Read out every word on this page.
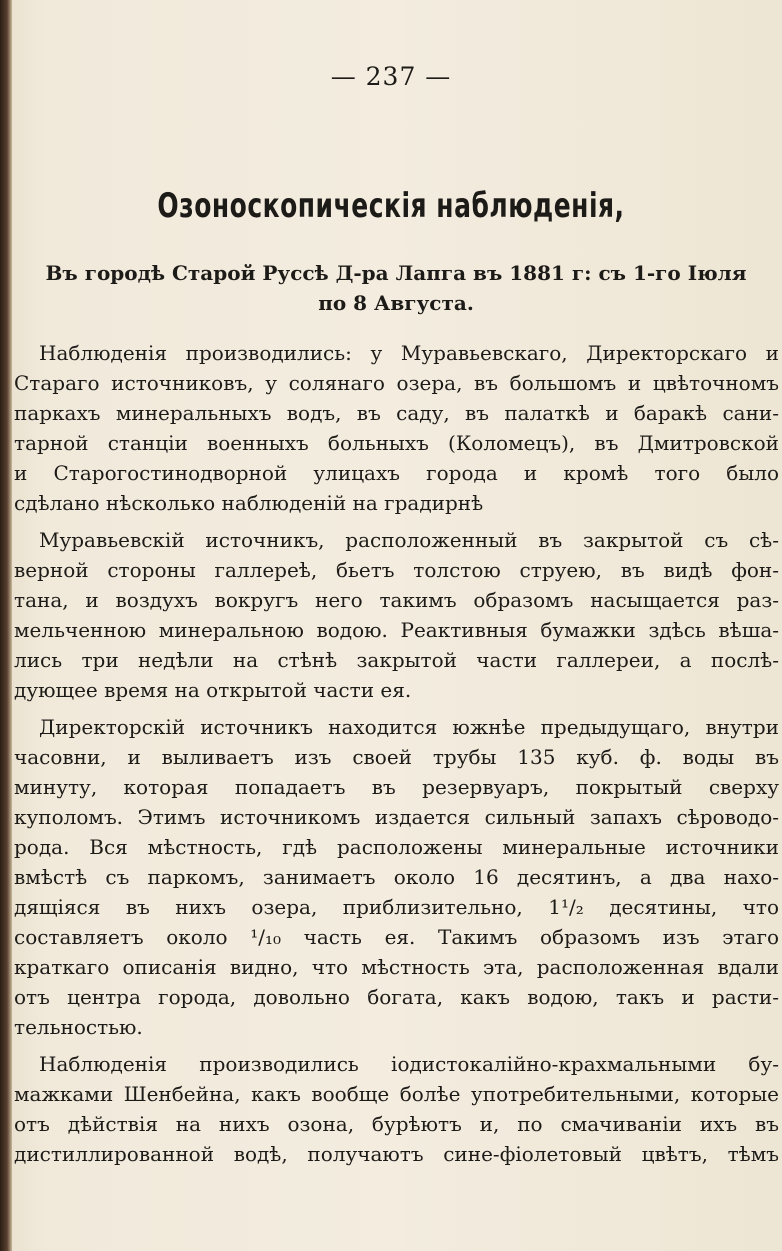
— 237 —
Озоноскопическія наблюденія,
Въ городѣ Старой Руссѣ Д-ра Лапга въ 1881 г: съ 1-го Іюля
по 8 Августа.
Наблюденія производились: у Муравьевскаго, Директорскаго и
Стараго источниковъ, у солянаго озера, въ большомъ и цвѣточномъ
паркахъ минеральныхъ водъ, въ саду, въ палаткѣ и баракѣ сани-
тарной станціи военныхъ больныхъ (Коломецъ), въ Дмитровской
и Старогостинодворной улицахъ города и кромѣ того было
сдѣлано нѣсколько наблюденій на градирнѣ
Муравьевскій источникъ, расположенный въ закрытой съ сѣ-
верной стороны галлереѣ, бьетъ толстою струею, въ видѣ фон-
тана, и воздухъ вокругъ него такимъ образомъ насыщается раз-
мельченною минеральною водою. Реактивныя бумажки здѣсь вѣша-
лись три недѣли на стѣнѣ закрытой части галлереи, а послѣ-
дующее время на открытой части ея.
Директорскій источникъ находится южнѣе предыдущаго, внутри
часовни, и выливаетъ изъ своей трубы 135 куб. ф. воды въ
минуту, которая попадаетъ въ резервуаръ, покрытый сверху
куполомъ. Этимъ источникомъ издается сильный запахъ сѣроводо-
рода. Вся мѣстность, гдѣ расположены минеральные источники
вмѣстѣ съ паркомъ, занимаетъ около 16 десятинъ, а два нахо-
дящіяся въ нихъ озера, приблизительно, 1¹/₂ десятины, что
составляетъ около ¹/₁₀ часть ея. Такимъ образомъ изъ этаго
краткаго описанія видно, что мѣстность эта, расположенная вдали
отъ центра города, довольно богата, какъ водою, такъ и расти-
тельностью.
Наблюденія производились іодистокалійно-крахмальными бу-
мажками Шенбейна, какъ вообще болѣе употребительными, которые
отъ дѣйствія на нихъ озона, бурѣютъ и, по смачиваніи ихъ въ
дистиллированной водѣ, получаютъ сине-фіолетовый цвѣтъ, тѣмъ
